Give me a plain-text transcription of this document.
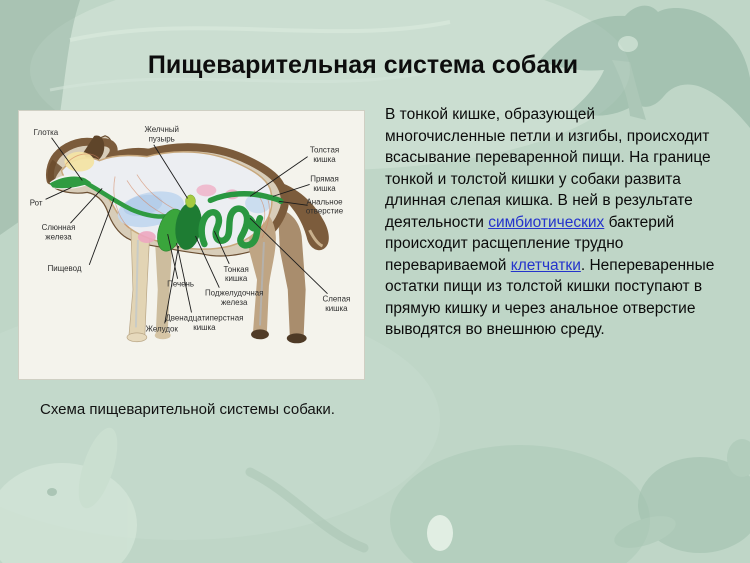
Пищеварительная система собаки
Глотка	Желчный
пузырь
Толстая
кишка
Прямая
кишка
Анальное
отверстие
Рот
Слюнная
железа
Пищевод
Печень
Тонкая
кишка
Поджелудочная
железа
Двенадцатиперстная
кишка
Желудок
Слепая
кишка
Схема пищеварительной системы собаки.
В тонкой кишке, образующей
многочисленные петли и изгибы, происходит
всасывание переваренной пищи. На границе
тонкой и толстой кишки у собаки развита
длинная слепая кишка. В ней в результате
деятельности симбиотических бактерий
происходит расщепление трудно
перевариваемой клетчатки. Непереваренные
остатки пищи из толстой кишки поступают в
прямую кишку и через анальное отверстие
выводятся во внешнюю среду.
